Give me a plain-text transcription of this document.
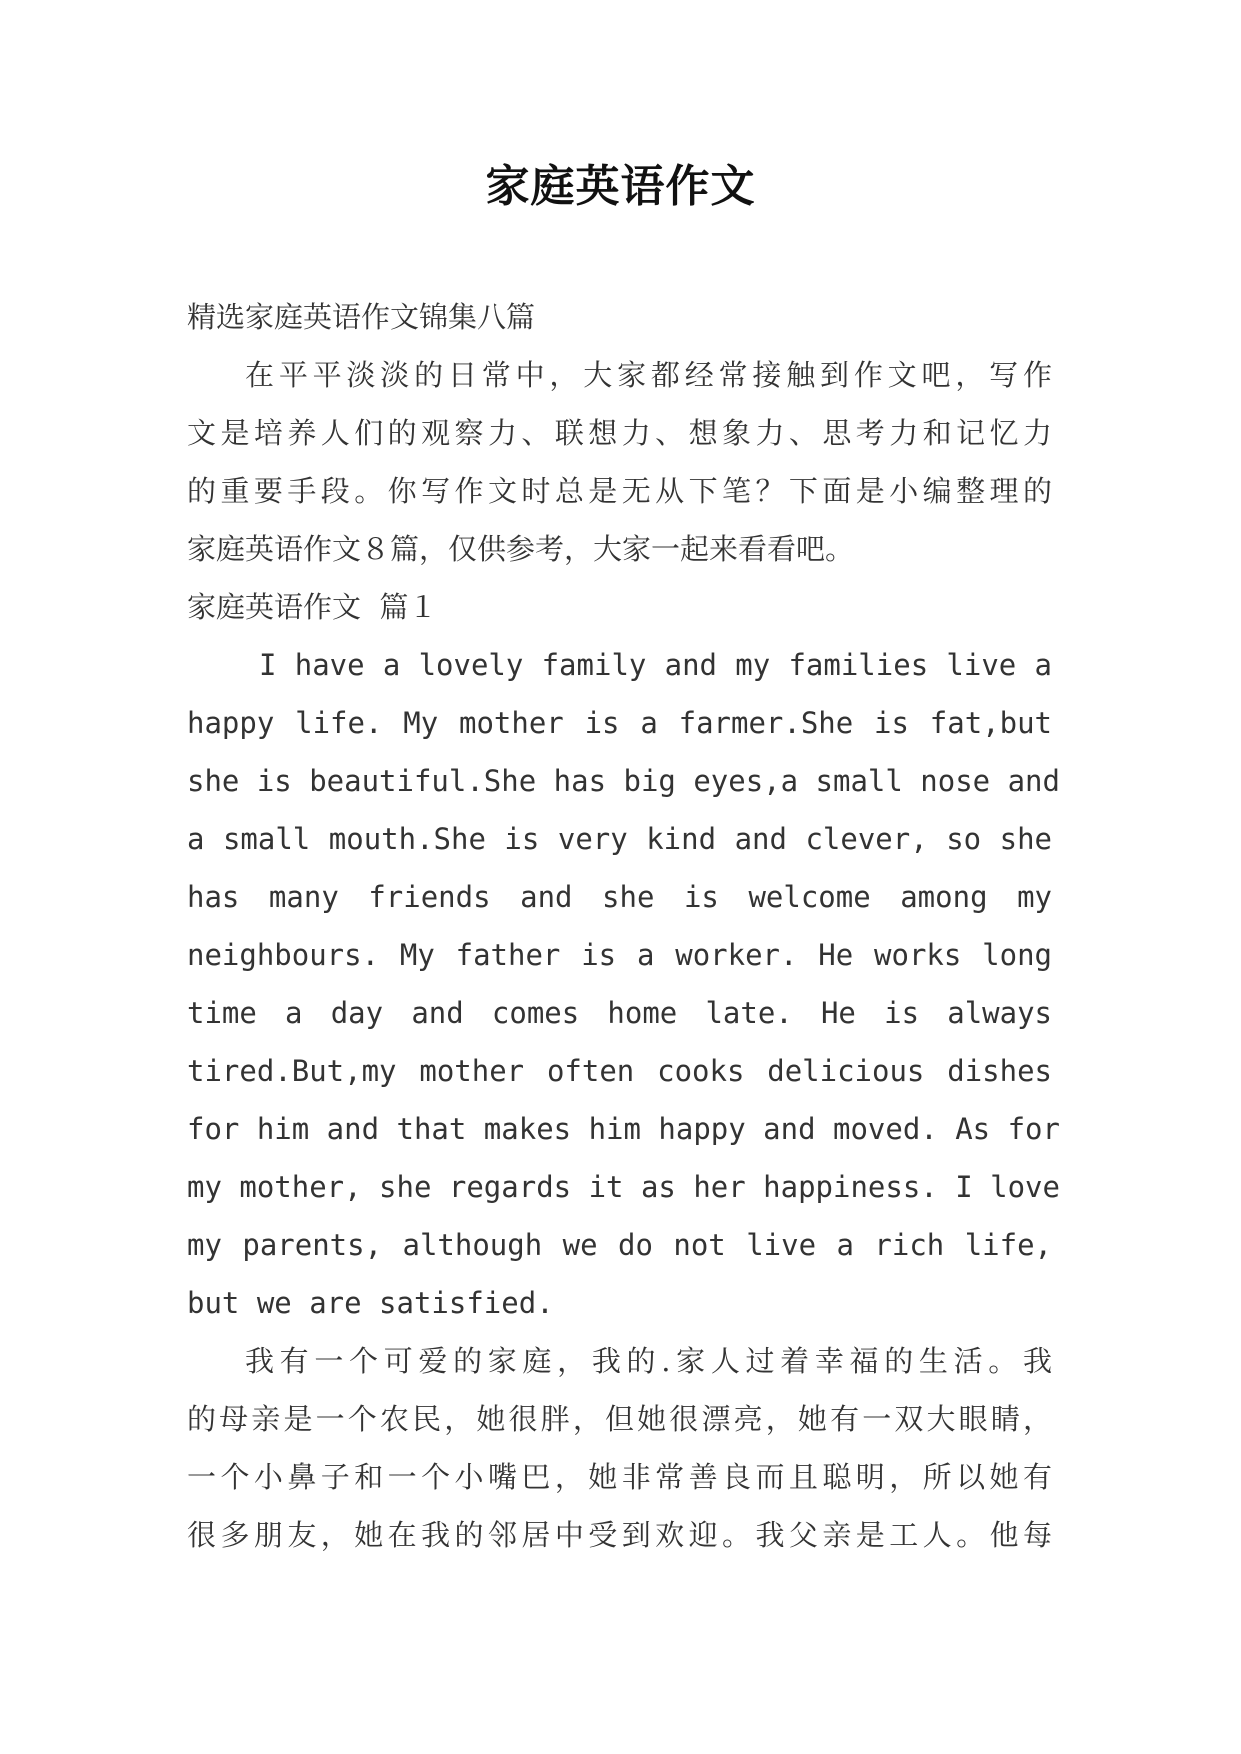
家庭英语作文

精选家庭英语作文锦集八篇

在平平淡淡的日常中，大家都经常接触到作文吧，写作

文是培养人们的观察力、联想力、想象力、思考力和记忆力

的重要手段。你写作文时总是无从下笔？下面是小编整理的

家庭英语作文８篇，仅供参考，大家一起来看看吧。

家庭英语作文  篇１

I have a lovely family and my families live a

happy life. My mother is a farmer.She is fat,but

she is beautiful.She has big eyes,a small nose and

a small mouth.She is very kind and clever, so she

has many friends and she is welcome among my

neighbours. My father is a worker. He works long

time a day and comes home late. He is always

tired.But,my mother often cooks delicious dishes

for him and that makes him happy and moved. As for

my mother, she regards it as her happiness. I love

my parents, although we do not live a rich life,

but we are satisfied.

我有一个可爱的家庭，我的.家人过着幸福的生活。我

的母亲是一个农民，她很胖，但她很漂亮，她有一双大眼睛，

一个小鼻子和一个小嘴巴，她非常善良而且聪明，所以她有

很多朋友，她在我的邻居中受到欢迎。我父亲是工人。他每
